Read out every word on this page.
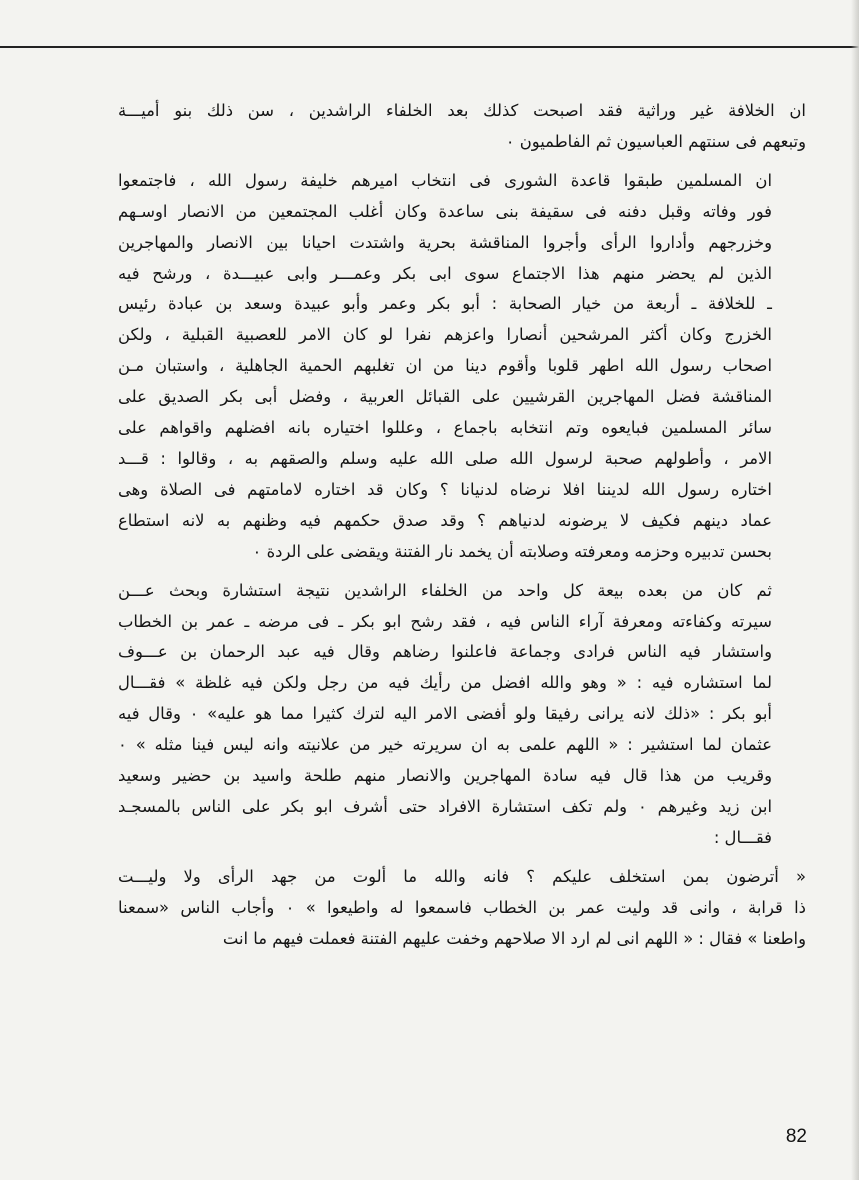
ان الخلافة غير وراثية فقد اصبحت كذلك بعد الخلفاء الراشدين ، سن ذلك بنو أميـــة
وتبعهم فى سنتهم العباسيون ثم الفاطميون ٠

ان المسلمين طبقوا قاعدة الشورى فى انتخاب اميرهم خليفة رسول الله ، فاجتمعوا
فور وفاته وقبل دفنه فى سقيفة بنى ساعدة وكان أغلب المجتمعين من الانصار اوسـهم
وخزرجهم وأداروا الرأى وأجروا المناقشة بحرية واشتدت احيانا بين الانصار والمهاجرين
الذين لم يحضر منهم هذا الاجتماع سوى ابى بكر وعمـــر وابى عبيـــدة ، ورشح فيه
ـ للخلافة ـ أربعة من خيار الصحابة : أبو بكر وعمر وأبو عبيدة وسعد بن عبادة رئيس
الخزرج وكان أكثر المرشحين أنصارا واعزهم نفرا لو كان الامر للعصبية القبلية ، ولكن
اصحاب رسول الله اطهر قلوبا وأقوم دينا من ان تغلبهم الحمية الجاهلية ، واستبان مـن
المناقشة فضل المهاجرين القرشيين على القبائل العربية ، وفضل أبى بكر الصديق على
سائر المسلمين فبايعوه وتم انتخابه باجماع ، وعللوا اختياره بانه افضلهم واقواهم على
الامر ، وأطولهم صحبة لرسول الله صلى الله عليه وسلم والصقهم به ، وقالوا : قـــد
اختاره رسول الله لديننا افلا نرضاه لدنيانا ؟ وكان قد اختاره لامامتهم فى الصلاة وهى
عماد دينهم فكيف لا يرضونه لدنياهم ؟ وقد صدق حكمهم فيه وظنهم به لانه استطاع
بحسن تدبيره وحزمه ومعرفته وصلابته أن يخمد نار الفتنة ويقضى على الردة ٠

ثم كان من بعده بيعة كل واحد من الخلفاء الراشدين نتيجة استشارة وبحث عـــن
سيرته وكفاءته ومعرفة آراء الناس فيه ، فقد رشح ابو بكر ـ فى مرضه ـ عمر بن الخطاب
واستشار فيه الناس فرادى وجماعة فاعلنوا رضاهم وقال فيه عبد الرحمان بن عـــوف
لما استشاره فيه : « وهو والله افضل من رأيك فيه من رجل ولكن فيه غلظة » فقـــال
أبو بكر : «ذلك لانه يرانى رفيقا ولو أفضى الامر اليه لترك كثيرا مما هو عليه» ٠ وقال فيه
عثمان لما استشير : « اللهم علمى به ان سريرته خير من علانيته وانه ليس فينا مثله » ٠
وقريب من هذا قال فيه سادة المهاجرين والانصار منهم طلحة واسيد بن حضير وسعيد
ابن زيد وغيرهم ٠ ولم تكف استشارة الافراد حتى أشرف ابو بكر على الناس بالمسجـد
فقـــال :

« أترضون بمن استخلف عليكم ؟ فانه والله ما ألوت من جهد الرأى ولا وليـــت
ذا قرابة ، وانى قد وليت عمر بن الخطاب فاسمعوا له واطيعوا » ٠ وأجاب الناس «سمعنا
واطعنا » فقال : « اللهم انى لم ارد الا صلاحهم وخفت عليهم الفتنة فعملت فيهم ما انت

82
